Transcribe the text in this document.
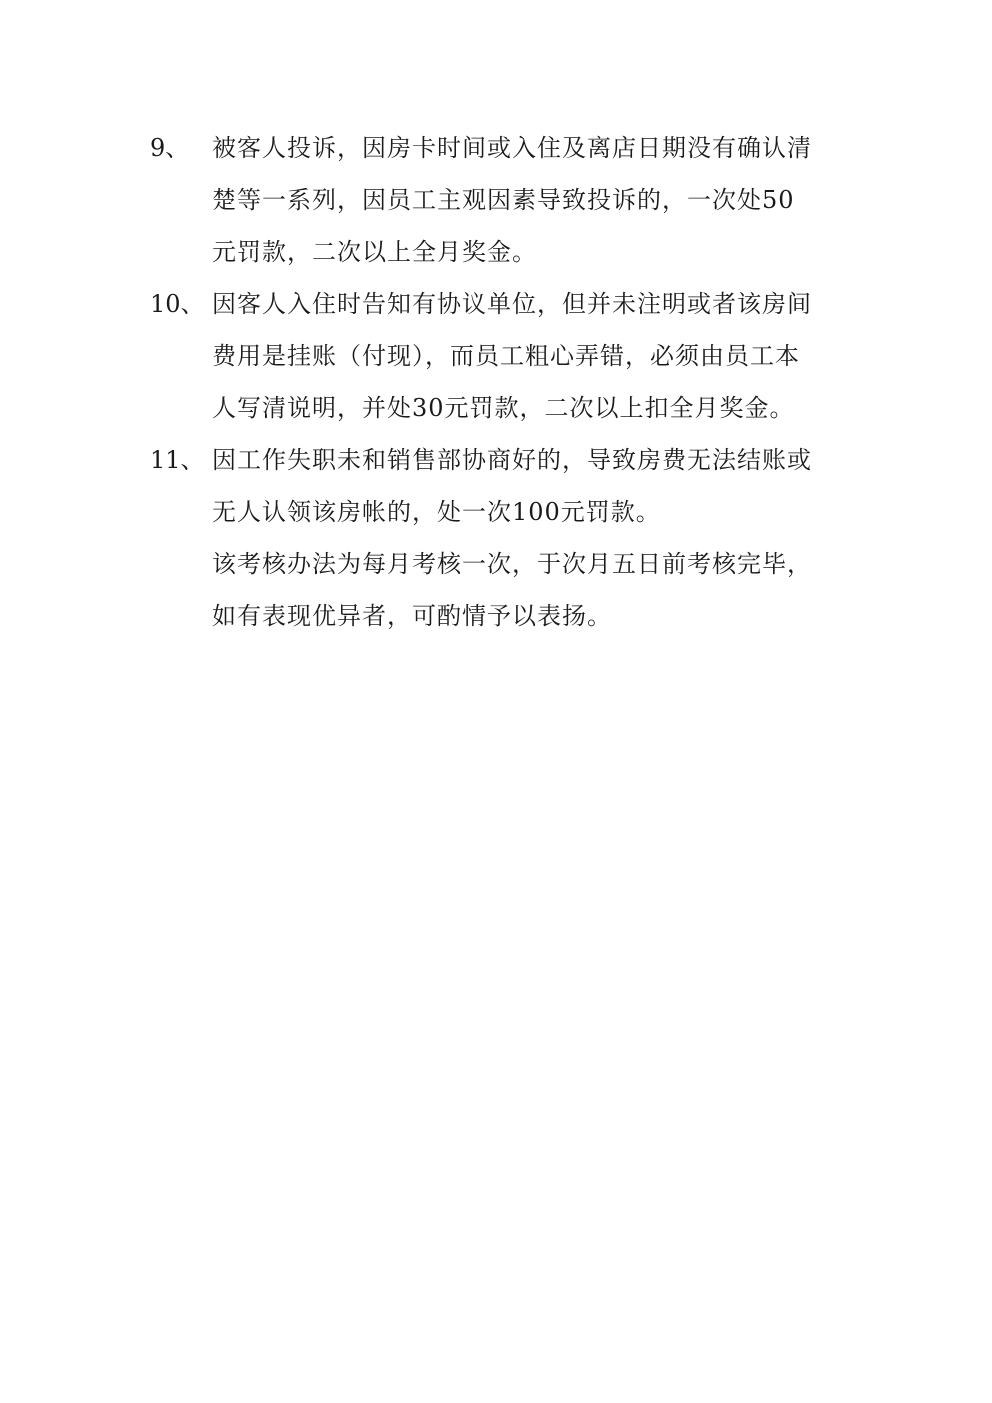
9、 被客人投诉，因房卡时间或入住及离店日期没有确认清
楚等一系列，因员工主观因素导致投诉的，一次处50
元罚款，二次以上全月奖金。
10、 因客人入住时告知有协议单位，但并未注明或者该房间
费用是挂账（付现），而员工粗心弄错，必须由员工本
人写清说明，并处30元罚款，二次以上扣全月奖金。
11、 因工作失职未和销售部协商好的，导致房费无法结账或
无人认领该房帐的，处一次100元罚款。
该考核办法为每月考核一次，于次月五日前考核完毕，
如有表现优异者，可酌情予以表扬。
